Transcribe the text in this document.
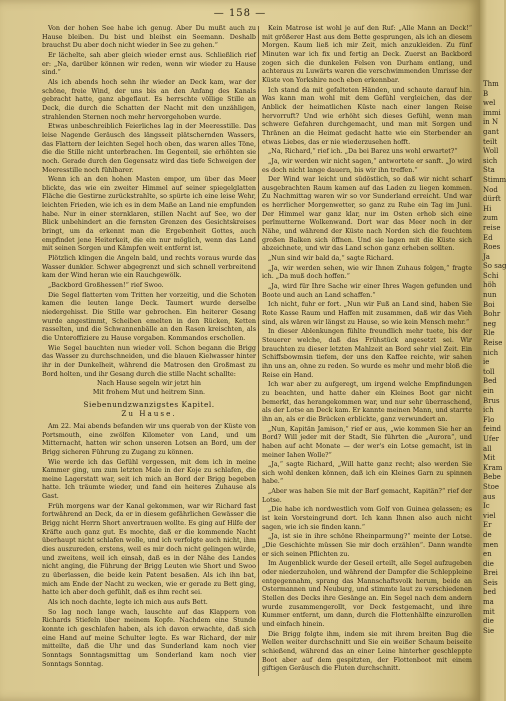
— 158 —

Von der hohen See habe ich genug. Aber Du mußt auch zu Hause bleiben. Du bist und bleibst ein Seemann. Deshalb brauchst Du aber doch nicht wieder in See zu gehen.“

Er lächelte, sah aber gleich wieder ernst aus. Schließlich rief er: „Na, darüber können wir reden, wenn wir wieder zu Hause sind.“

Als ich abends hoch sehn ihr wieder an Deck kam, war der schöne, freie Wind, der uns bis an den Anfang des Kanals gebracht hatte, ganz abgeflaut. Es herrschte völlige Stille an Deck, die durch die Schatten der Nacht mit den unzähligen, strahlenden Sternen noch mehr hervorgehoben wurde.

Etwas unbeschreiblich Feierliches lag in der Meeresstille. Das leise Nagende Geräusch des längsseit plätschernden Wassers, das Flattern der leichten Segel hoch oben, das waren alles Töne, die die Stille nicht unterbrachen. Im Gegenteil, sie erhöhten sie noch. Gerade durch den Gegensatz wird das tiefe Schweigen der Meeresstille noch fühlbarer.

Wenn ich an den hohen Masten empor, um über das Meer blickte, das wie ein zweiter Himmel auf seiner spiegelglatten Fläche die Gestirne zurückstrahlte, so spürte ich eine leise Wehr, leichten Frieden, wie ich es in dem Maße an Land nie empfunden habe. Nur in einer sternklaren, stillen Nacht auf See, wo der Blick unbehindert an die fernsten Grenzen des Gesichtskreises bringt, um da erkennt man die Ergebenheit Gottes, auch empfindet jene Heiterkeit, die ein nur möglich, wenn das Land mit seinen Sorgen und Kämpfen weit entfernt ist.

Plötzlich klingen die Angeln bald, und rechts voraus wurde das Wasser dunkler. Schwer abgegrenzt und sich schnell verbreitend kam der Wind heran wie ein Rauchgewölk.

„Backbord Großhessen!“ rief Swoo.

Die Segel flatterten vom Tritten her vorzeitig, und die Schoten kamen die leuten lange Deck. Taumert wurde derselbe niedergehisst. Die Stille war gebrochen. Ein heiterer Gesang wurde angestimmt, Scheiben emelten in den Rücken, Ketten rasselten, und die Schwannenbälle an den Rasen kreischten, als die Unteroffiziere zu Hause vorgaben. Kommandos erschollen.

Wie Segel bauchten nun wieder voll. Schon begann die Brigg das Wasser zu durchschneiden, und die blauen Kielwasser hinter ihr in der Dunkelheit, während die Matrosen den Großmast zu Bord holten, und ihr Gesang durch die stille Nacht schallte:

Nach Hause segeln wir jetzt hin

Mit frohem Mut und heitrem Sinn.

Siebenundzwanzigstes Kapitel.
Zu Hause.

Am 22. Mai abends befanden wir uns querab von der Küste von Portsmouth, eine zwölfen Kilometer von Land, und um Mitternacht, hatten wir schon unseren Lotsen an Bord, um der Brigg sicheren Führung zu Zugang zu können.

Wie werde ich das Gefühl vergessen, mit dem ich in meine Kammer ging, um zum letzten Male in der Koje zu schlafen, die meine Lagerstatt war, seit ich mich an Bord der Brigg begeben hatte. Ich träumte wieder, und fand ein heiteres Zuhause als Gast.

Früh morgens war der Kanal gekommen, war wir Richard fast fortwährend an Deck, da er in diesem gefährlichen Gewässer die Brigg nicht Herrn Short anvertrauen wollte. Es ging auf Hilfe der Kräfte auch ganz gut. Es mochte, daß er die kommende Nacht überhaupt nicht schlafen wolle, und ich verfolgte auch nicht, ihm dies auszureden, erstens, weil es mir doch nicht gelingen würde, und zweitens, weil ich einsah, daß es in der Nähe des Landes nicht anging, die Führung der Brigg Leuten wie Short und Swoo zu überlassen, die beide kein Patent besaßen. Als ich ihn bat, mich am Ende der Nacht zu wecken, wie er gerade zu Bett ging, hatte ich aber doch gefühlt, daß es ihm recht sei.

Als ich noch dachte, legte ich mich aus aufs Bett.

So lag noch lange wach, lauschte auf das Klappern von Richards Stiefeln über meinem Kopfe. Nachdem eine Stunde konnte ich geschlafen haben, als ich davon erwachte, daß sich eine Hand auf meine Schulter legte. Es war Richard, der mir mitteilte, daß die Uhr und das Sunderland kam noch vier Sonntags Sonntagsmittag um Sonderland kam noch vier Sonntags Sonntag.

Kein Matrose ist wohl je auf den Ruf: „Alle Mann an Deck!“ mit größerer Hast aus dem Bette gesprungen, als ich an diesem Morgen. Kaum ließ ich mir Zeit, mich anzukleiden. Zu fünf Minuten war ich fix und fertig an Deck. Zuerst an Backbord zogen sich die dunkelen Felsen von Durham entlang, und achteraus zu Luwärts waren die verschwimmenden Umrisse der Küste von Yorkshire noch eben erkennbar.

Ich stand da mit gefalteten Händen, und schaute darauf hin. Was kann man wohl mit dem Gefühl vergleichen, das der Anblick der heimatlichen Küste nach einer langen Reise hervorruft? Und wie erhöht sich dieses Gefühl, wenn man schwere Gefahren durchgemacht, und man mit Sorgen und Thränen an die Heimat gedacht hatte wie ein Sterbender an etwas Liebes, das er nie wiederzusehen hofft.

„Na, Richard,“ rief ich. „Da bei Barez uns wohl erwartet?“

„Ja, wir werden wir nicht sagen,“ antwortete er sanft. „Jo wird es doch nicht lange dauern, bis wir ihn treffen.“

Der Wind war leicht und südöstlich, so daß wir nicht scharf ausgebrachten Raum kamen auf das Laden zu liegen kommen. Zu Nachmittag waren wir so vor Sunderland erreicht. Und war es herrlicher Morgenwetter, so ganz zu Ruhe ein Tag im Juni. Der Himmel war ganz klar, nur im Osten erhob sich eine perlmutterne Wolkenwand. Dort war das Meer noch in der Nähe, und während der Küste nach Norden sich die feuchtem großen Balken sich öffnen. Und sie lagen mit die Küste sich abzeichnete, und wir das Land schon ganz erheben sollten.

„Nun sind wir bald da,“ sagte Richard.

„Ja, wir werden sehen, wie wir Ihnen Zuhaus folgen,“ fragte ich. „Da muß doch hoffen.“

„Ja, wird für Ihre Sache wir einer Ihres Wagen gefunden und Boote und auch an Land schaffen.“

Ich nicht, fuhr er fort. „Nun wir Fuß an Land sind, haben Sie Rote Kasse Raum und Haffen mit zusammen, daß wir das Vieh sind, als wären wir längst zu Hause, so wie kein Mensch mehr.“

In dieser Ablenkungen fühlte freundlich mehr tuete, bis der Steuerer welche, daß das Frühstück angesetzt sei. Wir brauchten zu dieser letzten Mahlzeit an Bord sehr viel Zeit. Ein Schiffsbowmsin tiefem, der uns den Kaffee reichte, wir sahen ihn uns an, ohne zu reden. So wurde es mehr und mehr bloß die Reise ein Hand.

Ich war aber zu aufgeregt, um irgend welche Empfindungen zu beachten, und hatte daher ein Kleines Boot gar nicht bemerkt, das herangekommen war, und nur sehr überraschend, als der Lotse an Deck kam. Er kannte meinen Mann, und starrte ihn an, als er die Brücken erblickte, ganz verwundert an.

„Nun, Kapitän Jamison,“ rief er aus, „wie kommen Sie her an Bord? Will jeder mit der Stadt, Sie führten die „Aurora“, und haben auf acht Monate — der wer's ein Lotse gemacht, ist in meiner Iahen Wolle?“

„Ja,“ sagte Richard, „Will hatte ganz recht; also werden Sie sich wohl denken können, daß ich ein Kleines Garn zu spinnen habe.“

„Aber was haben Sie mit der Barf gemacht, Kapitän?“ rief der Lotse.

„Die habe ich nordwestlich vom Golf von Guinea gelassen; es ist kein Vorsteingrund dort. Ich kann Ihnen also auch nicht sagen, wie ich sie finden kann.“

„Ja, ist sie in ihre schöne Rheinparmung?“ meinte der Lotse. „Die Geschichte müssen Sie mir doch erzählen“. Dann wandte er sich seinen Pflichten zu.

Im Augenblick wurde der Geseil erteilt, alle Segel aufzugeben oder niederzuholen, und während der Dampfer die Schleppleine entgegennahm, sprang das Mannschaftsvolk herum, beide an Ostermannen und Neuburg, und stimmte laut zu verschiedenen Stellen des Decks ihre Gesänge an. Ein Segel nach dem andern wurde zusammengerollt, vor Deck festgemacht, und ihre Kummer entfernt, um dann, durch die Flottenhälfte einzurollen und einfach hinein.

Die Brigg folgte ihm, indem sie mit ihrem breiten Bug die Wellen weiter durchschnitt und Sie ein weißer Schaum beiseite schießend, während das an einer Leine hinterher geschleppte Boot aber auf dem gespitzten, der Flottenboot mit einem giftigen Geräusch die Fluten durchschnitt.

Thm
B
wel
immi
in N
gant
teilt
Woll
sich
Sta
Stimm
Nod
dürft
Hi
zum
reise
Ed
Roes
Ja
So sag
Schi
höh
nun
Boi
Bohr
neg
Rle
Reise
nich
ie
toll
Bed
ein
Brus
ich
Flo
feind
Ufer
all
Mit
Kram
Bebe
Stoe
aus
Ic
viel
Er
de
men
en
die
Brei
Seis
bed
ma
mit
die
Sie
